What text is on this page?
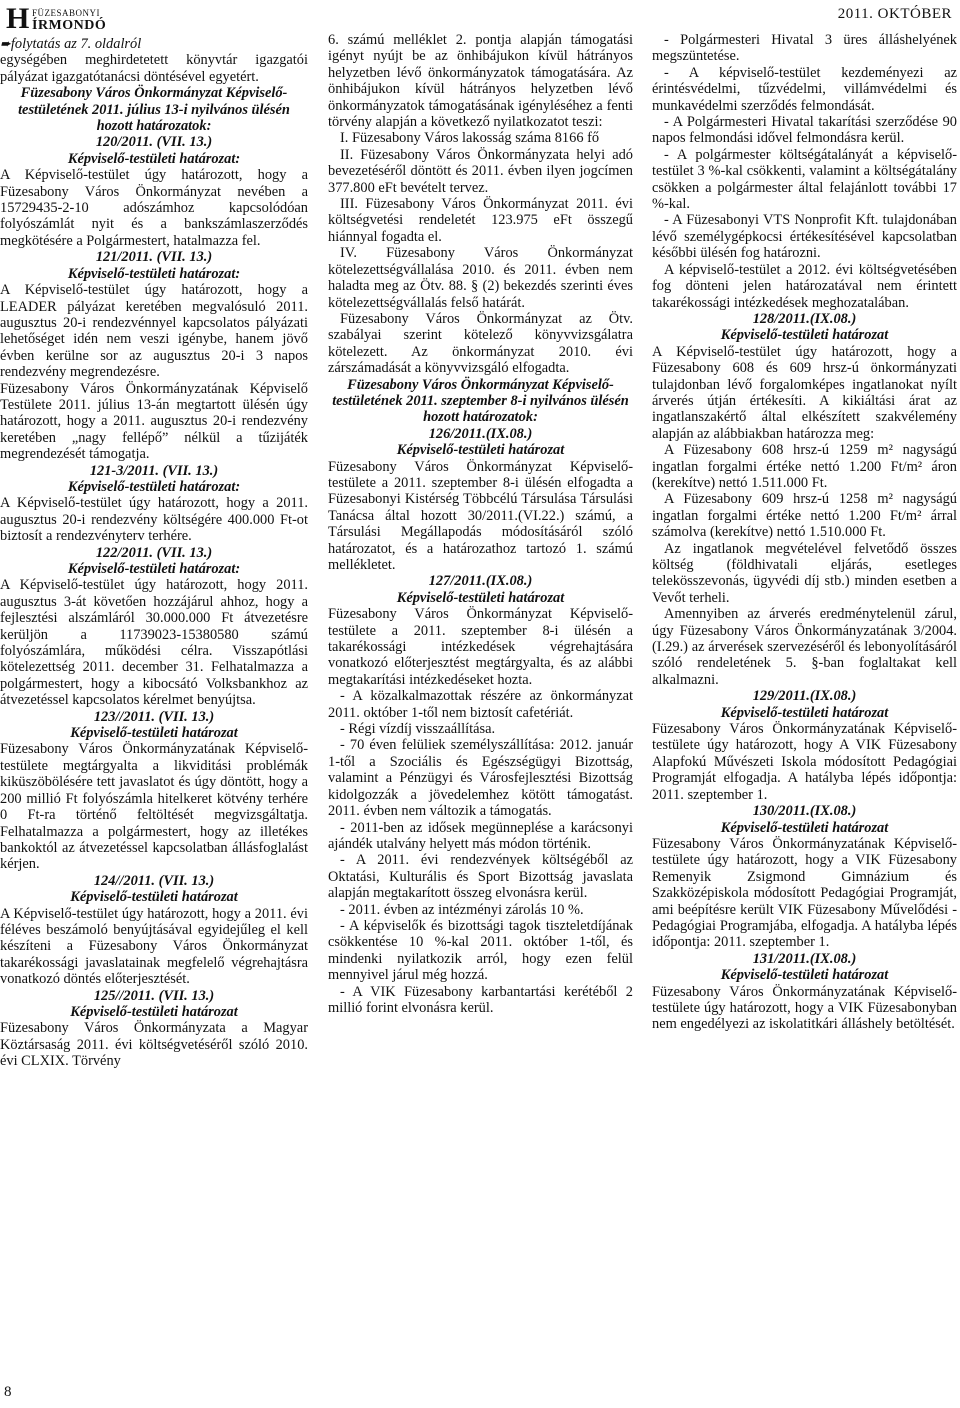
H FÜZESABONYI
ÍRMONDÓ
2011. OKTÓBER

➨folytatás az 7. oldalról

egységében meghirdetetett könyvtár igazgatói pályázat igazgatótanácsi döntésével egyetért.

Füzesabony Város Önkormányzat Képviselő-testületének 2011. július 13-i nyilvános ülésén hozott határozatok:

120/2011. (VII. 13.)

Képviselő-testületi határozat:

A Képviselő-testület úgy határozott, hogy a Füzesabony Város Önkormányzat nevében a 15729435-2-10 adószámhoz kapcsolódóan folyószámlát nyit és a bankszámlaszerződés megkötésére a Polgármestert, hatalmazza fel.

121/2011. (VII. 13.)

Képviselő-testületi határozat:

A Képviselő-testület úgy határozott, hogy a LEADER pályázat keretében megvalósuló 2011. augusztus 20-i rendezvénnyel kapcsolatos pályázati lehetőséget idén nem veszi igénybe, hanem jövő évben kerülne sor az augusztus 20-i 3 napos rendezvény megrendezésre.

Füzesabony Város Önkormányzatának Képviselő Testülete 2011. július 13-án megtartott ülésén úgy határozott, hogy a 2011. augusztus 20-i rendezvény keretében „nagy fellépő” nélkül a tűzijáték megrendezését támogatja.

121-3/2011. (VII. 13.)

Képviselő-testületi határozat:

A Képviselő-testület úgy határozott, hogy a 2011. augusztus 20-i rendezvény költségére 400.000 Ft-ot biztosít a rendezvényterv terhére.

122/2011. (VII. 13.)

Képviselő-testületi határozat:

A Képviselő-testület úgy határozott, hogy 2011. augusztus 3-át követően hozzájárul ahhoz, hogy a fejlesztési alszámláról 30.000.000 Ft átvezetésre kerüljön a 11739023-15380580 számú folyószámlára, működési célra. Visszapótlási kötelezettség 2011. december 31. Felhatalmazza a polgármestert, hogy a kibocsátó Volksbankhoz az átvezetéssel kapcsolatos kérelmet benyújtsa.

123//2011. (VII. 13.)

Képviselő-testületi határozat

Füzesabony Város Önkormányzatának Képviselő-testülete megtárgyalta a likviditási problémák kiküszöbölésére tett javaslatot és úgy döntött, hogy a 200 millió Ft folyószámla hitelkeret kötvény terhére 0 Ft-ra történő feltöltését megvizsgáltatja. Felhatalmazza a polgármestert, hogy az illetékes bankoktól az átvezetéssel kapcsolatban állásfoglalást kérjen.

124//2011. (VII. 13.)

Képviselő-testületi határozat

A Képviselő-testület úgy határozott, hogy a 2011. évi féléves beszámoló benyújtásával egyidejűleg el kell készíteni a Füzesabony Város Önkormányzat takarékossági javaslatainak megfelelő végrehajtásra vonatkozó döntés előterjesztését.

125//2011. (VII. 13.)

Képviselő-testületi határozat

Füzesabony Város Önkormányzata a Magyar Köztársaság 2011. évi költségvetéséről szóló 2010. évi CLXIX. Törvény

6. számú melléklet 2. pontja alapján támogatási igényt nyújt be az önhibájukon kívül hátrányos helyzetben lévő önkormányzatok támogatására. Az önhibájukon kívül hátrányos helyzetben lévő önkormányzatok támogatásának igényléséhez a fenti törvény alapján a következő nyilatkozatot teszi:

I. Füzesabony Város lakosság száma 8166 fő

II. Füzesabony Város Önkormányzata helyi adó bevezetéséről döntött és 2011. évben ilyen jogcímen 377.800 eFt bevételt tervez.

III. Füzesabony Város Önkormányzat 2011. évi költségvetési rendeletét 123.975 eFt összegű hiánnyal fogadta el.

IV. Füzesabony Város Önkormányzat kötelezettségvállalása 2010. és 2011. évben nem haladta meg az Ötv. 88. § (2) bekezdés szerinti éves kötelezettségvállalás felső határát.

Füzesabony Város Önkormányzat az Ötv. szabályai szerint kötelező könyvvizsgálatra kötelezett. Az önkormányzat 2010. évi zárszámadását a könyvvizsgáló elfogadta.

Füzesabony Város Önkormányzat Képviselő-testületének 2011. szeptember 8-i nyilvános ülésén hozott határozatok:

126/2011.(IX.08.)

Képviselő-testületi határozat

Füzesabony Város Önkormányzat Képviselő-testülete a 2011. szeptember 8-i ülésén elfogadta a Füzesabonyi Kistérség Többcélú Társulása Társulási Tanácsa által hozott 30/2011.(VI.22.) számú, a Társulási Megállapodás módosításáról szóló határozatot, és a határozathoz tartozó 1. számú mellékletet.

127/2011.(IX.08.)

Képviselő-testületi határozat

Füzesabony Város Önkormányzat Képviselő-testülete a 2011. szeptember 8-i ülésén a takarékossági intézkedések végrehajtására vonatkozó előterjesztést megtárgyalta, és az alábbi megtakarítási intézkedéseket hozta.

- A közalkalmazottak részére az önkormányzat 2011. október 1-től nem biztosít cafetériát.

- Régi vízdíj visszaállítása.

- 70 éven felüliek személyszállítása: 2012. január 1-től a Szociális és Egészségügyi Bizottság, valamint a Pénzügyi és Városfejlesztési Bizottság kidolgozzák a jövedelemhez kötött támogatást. 2011. évben nem változik a támogatás.

- 2011-ben az idősek megünneplése a karácsonyi ajándék utalvány helyett más módon történik.

- A 2011. évi rendezvények költségéből az Oktatási, Kulturális és Sport Bizottság javaslata alapján megtakarított összeg elvonásra kerül.

- 2011. évben az intézményi zárolás 10 %.

- A képviselők és bizottsági tagok tiszteletdíjának csökkentése 10 %-kal 2011. október 1-től, és mindenki nyilatkozik arról, hogy ezen felül mennyivel járul még hozzá.

- A VIK Füzesabony karbantartási kerétéből 2 millió forint elvonásra kerül.

- Polgármesteri Hivatal 3 üres álláshelyének megszüntetése.

- A képviselő-testület kezdeményezi az érintésvédelmi, tűzvédelmi, villámvédelmi és munkavédelmi szerződés felmondását.

- A Polgármesteri Hivatal takarítási szerződése 90 napos felmondási idővel felmondásra kerül.

- A polgármester költségátalányát a képviselő-testület 3 %-kal csökkenti, valamint a költségátalány csökken a polgármester által felajánlott további 17 %-kal.

- A Füzesabonyi VTS Nonprofit Kft. tulajdonában lévő személygépkocsi értékesítésével kapcsolatban későbbi ülésén fog határozni.

A képviselő-testület a 2012. évi költségvetésében fog dönteni jelen határozatával nem érintett takarékossági intézkedések meghozatalában.

128/2011.(IX.08.)

Képviselő-testületi határozat

A Képviselő-testület úgy határozott, hogy a Füzesabony 608 és 609 hrsz-ú önkormányzati tulajdonban lévő forgalomképes ingatlanokat nyílt árverés útján értékesíti. A kikiáltási árat az ingatlanszakértő által elkészített szakvélemény alapján az alábbiakban határozza meg:

A Füzesabony 608 hrsz-ú 1259 m² nagyságú ingatlan forgalmi értéke nettó 1.200 Ft/m² áron (kerekítve) nettó 1.511.000 Ft.

A Füzesabony 609 hrsz-ú 1258 m² nagyságú ingatlan forgalmi értéke nettó 1.200 Ft/m² árral számolva (kerekítve) nettó 1.510.000 Ft.

Az ingatlanok megvételével felvetődő összes költség (földhivatali eljárás, esetleges telekösszevonás, ügyvédi díj stb.) minden esetben a Vevőt terheli.

Amennyiben az árverés eredménytelenül zárul, úgy Füzesabony Város Önkormányzatának 3/2004.(I.29.) az árverések szervezéséről és lebonyolításáról szóló rendeletének 5. §-ban foglaltakat kell alkalmazni.

129/2011.(IX.08.)

Képviselő-testületi határozat

Füzesabony Város Önkormányzatának Képviselő-testülete úgy határozott, hogy A VIK Füzesabony Alapfokú Művészeti Iskola módosított Pedagógiai Programját elfogadja. A hatályba lépés időpontja: 2011. szeptember 1.

130/2011.(IX.08.)

Képviselő-testületi határozat

Füzesabony Város Önkormányzatának Képviselő-testülete úgy határozott, hogy a VIK Füzesabony Remenyik Zsigmond Gimnázium és Szakközépiskola módosított Pedagógiai Programját, ami beépítésre került VIK Füzesabony Művelődési - Pedagógiai Programjába, elfogadja. A hatályba lépés időpontja: 2011. szeptember 1.

131/2011.(IX.08.)

Képviselő-testületi határozat

Füzesabony Város Önkormányzatának Képviselő-testülete úgy határozott, hogy a VIK Füzesabonyban nem engedélyezi az iskolatitkári álláshely betöltését.

8
